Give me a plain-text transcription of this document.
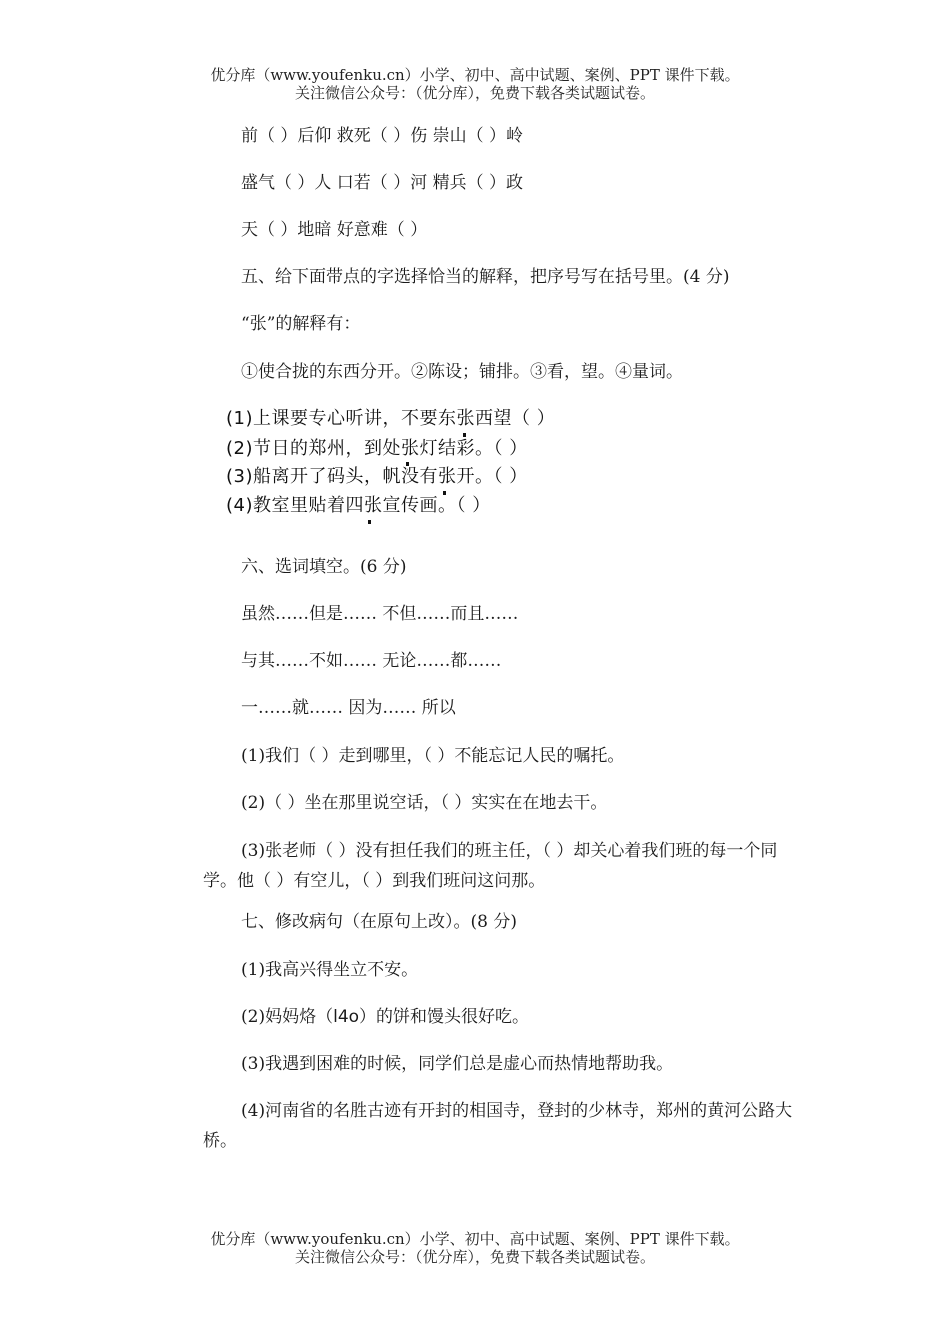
优分库（www.youfenku.cn）小学、初中、高中试题、案例、PPT 课件下载。
关注微信公众号：（优分库），免费下载各类试题试卷。
前（ ）后仰 救死（ ）伤 崇山（ ）岭
盛气（ ）人 口若（ ）河 精兵（ ）政
天（ ）地暗 好意难（ ）
五、给下面带点的字选择恰当的解释，把序号写在括号里。(4 分)
“张”的解释有：
①使合拢的东西分开。②陈设；铺排。③看，望。④量词。
(1)上课要专心听讲，不要东张西望（ ）
(2)节日的郑州，到处张灯结彩。（ ）
(3)船离开了码头，帆没有张开。（ ）
(4)教室里贴着四张宣传画。（ ）
六、选词填空。(6 分)
虽然……但是…… 不但……而且……
与其……不如…… 无论……都……
一……就…… 因为…… 所以
(1)我们（ ）走到哪里，（ ）不能忘记人民的嘱托。
(2)（ ）坐在那里说空话，（ ）实实在在地去干。
(3)张老师（ ）没有担任我们的班主任，（ ）却关心着我们班的每一个同学。他（ ）有空儿，（ ）到我们班问这问那。
七、修改病句（在原句上改）。(8 分)
(1)我高兴得坐立不安。
(2)妈妈烙（l4o）的饼和馒头很好吃。
(3)我遇到困难的时候，同学们总是虚心而热情地帮助我。
(4)河南省的名胜古迹有开封的相国寺，登封的少林寺，郑州的黄河公路大桥。
优分库（www.youfenku.cn）小学、初中、高中试题、案例、PPT 课件下载。
关注微信公众号：（优分库），免费下载各类试题试卷。
